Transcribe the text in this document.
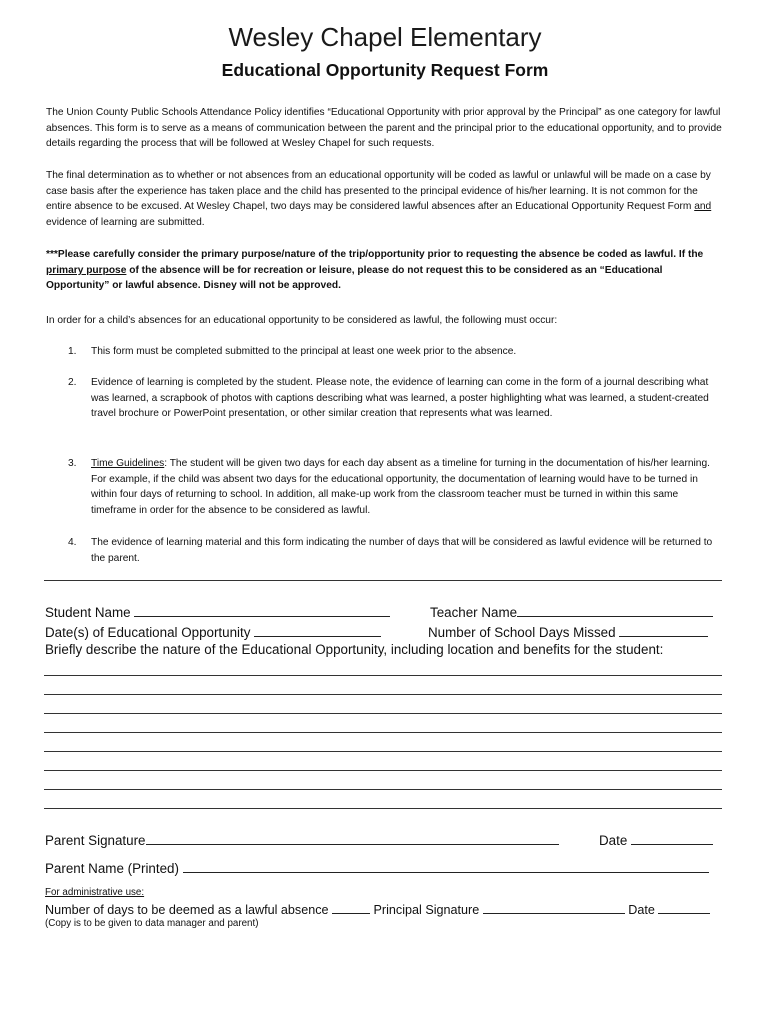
Wesley Chapel Elementary
Educational Opportunity Request Form
The Union County Public Schools Attendance Policy identifies “Educational Opportunity with prior approval by the Principal” as one category for lawful absences. This form is to serve as a means of communication between the parent and the principal prior to the educational opportunity, and to provide details regarding the process that will be followed at Wesley Chapel for such requests.
The final determination as to whether or not absences from an educational opportunity will be coded as lawful or unlawful will be made on a case by case basis after the experience has taken place and the child has presented to the principal evidence of his/her learning. It is not common for the entire absence to be excused. At Wesley Chapel, two days may be considered lawful absences after an Educational Opportunity Request Form and evidence of learning are submitted.
***Please carefully consider the primary purpose/nature of the trip/opportunity prior to requesting the absence be coded as lawful. If the primary purpose of the absence will be for recreation or leisure, please do not request this to be considered as an “Educational Opportunity” or lawful absence. Disney will not be approved.
In order for a child’s absences for an educational opportunity to be considered as lawful, the following must occur:
1.	This form must be completed submitted to the principal at least one week prior to the absence.
2.	Evidence of learning is completed by the student. Please note, the evidence of learning can come in the form of a journal describing what was learned, a scrapbook of photos with captions describing what was learned, a poster highlighting what was learned, a student-created travel brochure or PowerPoint presentation, or other similar creation that represents what was learned.
3.	Time Guidelines: The student will be given two days for each day absent as a timeline for turning in the documentation of his/her learning. For example, if the child was absent two days for the educational opportunity, the documentation of learning would have to be turned in within four days of returning to school. In addition, all make-up work from the classroom teacher must be turned in within this same timeframe in order for the absence to be considered as lawful.
4.	The evidence of learning material and this form indicating the number of days that will be considered as lawful evidence will be returned to the parent.
Student Name	Teacher Name
Date(s) of Educational Opportunity	Number of School Days Missed
Briefly describe the nature of the Educational Opportunity, including location and benefits for the student:
Parent Signature	Date
Parent Name (Printed)
For administrative use:
Number of days to be deemed as a lawful absence	Principal Signature	Date
(Copy is to be given to data manager and parent)
